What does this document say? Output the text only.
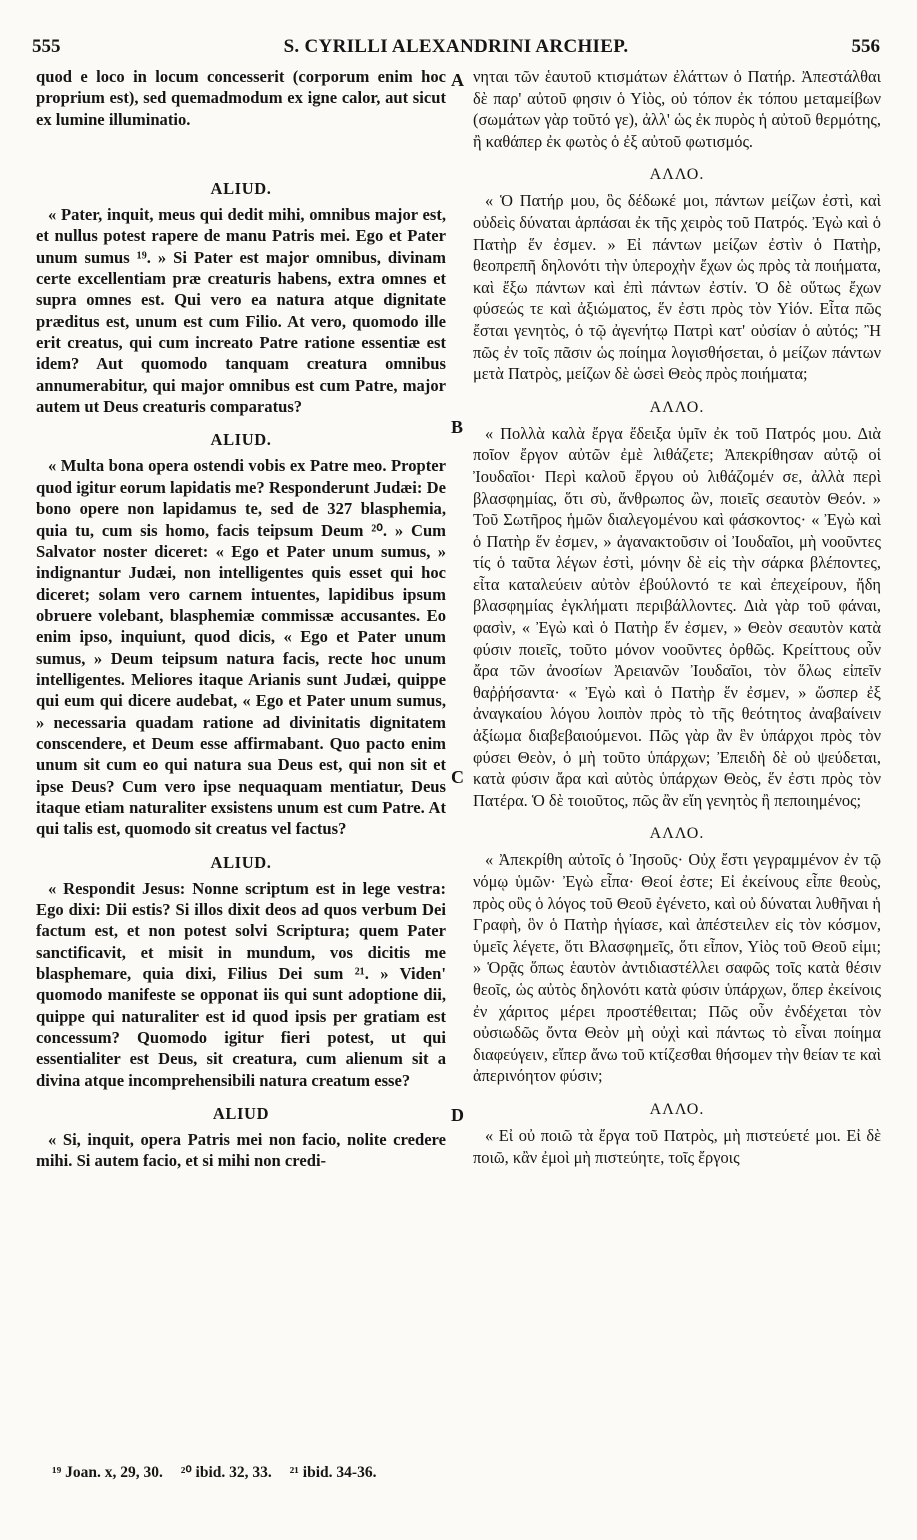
555	S. CYRILLI ALEXANDRINI ARCHIEP.	556
A
B
C
D

quod e loco in locum concesserit (corporum enim hoc proprium est), sed quemadmodum ex igne calor, aut sicut ex lumine illuminatio.

ALIUD.

« Pater, inquit, meus qui dedit mihi, omnibus major est, et nullus potest rapere de manu Patris mei. Ego et Pater unum sumus ¹⁹. » Si Pater est major omnibus, divinam certe excellentiam præ creaturis habens, extra omnes et supra omnes est. Qui vero ea natura atque dignitate præditus est, unum est cum Filio. At vero, quomodo ille erit creatus, qui cum increato Patre ratione essentiæ est idem? Aut quomodo tanquam creatura omnibus annumerabitur, qui major omnibus est cum Patre, major autem ut Deus creaturis comparatus?

ALIUD.

« Multa bona opera ostendi vobis ex Patre meo. Propter quod igitur eorum lapidatis me? Responderunt Judæi: De bono opere non lapidamus te, sed de 327 blasphemia, quia tu, cum sis homo, facis teipsum Deum ²⁰. » Cum Salvator noster diceret: « Ego et Pater unum sumus, » indignantur Judæi, non intelligentes quis esset qui hoc diceret; solam vero carnem intuentes, lapidibus ipsum obruere volebant, blasphemiæ commissæ accusantes. Eo enim ipso, inquiunt, quod dicis, « Ego et Pater unum sumus, » Deum teipsum natura facis, recte hoc unum intelligentes. Meliores itaque Arianis sunt Judæi, quippe qui eum qui dicere audebat, « Ego et Pater unum sumus, » necessaria quadam ratione ad divinitatis dignitatem conscendere, et Deum esse affirmabant. Quo pacto enim unum sit cum eo qui natura sua Deus est, qui non sit et ipse Deus? Cum vero ipse nequaquam mentiatur, Deus itaque etiam naturaliter exsistens unum est cum Patre. At qui talis est, quomodo sit creatus vel factus?

ALIUD.

« Respondit Jesus: Nonne scriptum est in lege vestra: Ego dixi: Dii estis? Si illos dixit deos ad quos verbum Dei factum est, et non potest solvi Scriptura; quem Pater sanctificavit, et misit in mundum, vos dicitis me blasphemare, quia dixi, Filius Dei sum ²¹. » Viden' quomodo manifeste se opponat iis qui sunt adoptione dii, quippe qui naturaliter est id quod ipsis per gratiam est concessum? Quomodo igitur fieri potest, ut qui essentialiter est Deus, sit creatura, cum alienum sit a divina atque incomprehensibili natura creatum esse?

ALIUD

« Si, inquit, opera Patris mei non facio, nolite credere mihi. Si autem facio, et si mihi non credi-

νηται τῶν ἑαυτοῦ κτισμάτων ἐλάττων ὁ Πατήρ. Ἀπεστάλθαι δὲ παρ' αὐτοῦ φησιν ὁ Υἱὸς, οὐ τόπον ἐκ τόπου μεταμείβων (σωμάτων γὰρ τοῦτό γε), ἀλλ' ὡς ἐκ πυρὸς ἡ αὐτοῦ θερμότης, ἢ καθάπερ ἐκ φωτὸς ὁ ἐξ αὐτοῦ φωτισμός.

ΑΛΛΟ.

« Ὁ Πατήρ μου, ὃς δέδωκέ μοι, πάντων μείζων ἐστὶ, καὶ οὐδεὶς δύναται ἁρπάσαι ἐκ τῆς χειρὸς τοῦ Πατρός. Ἐγὼ καὶ ὁ Πατὴρ ἕν ἐσμεν. » Εἰ πάντων μείζων ἐστὶν ὁ Πατὴρ, θεοπρεπῆ δηλονότι τὴν ὑπεροχὴν ἔχων ὡς πρὸς τὰ ποιήματα, καὶ ἔξω πάντων καὶ ἐπὶ πάντων ἐστίν. Ὁ δὲ οὕτως ἔχων φύσεώς τε καὶ ἀξιώματος, ἕν ἐστι πρὸς τὸν Υἱόν. Εἶτα πῶς ἔσται γενητὸς, ὁ τῷ ἀγενήτῳ Πατρὶ κατ' οὐσίαν ὁ αὐτός; Ἢ πῶς ἐν τοῖς πᾶσιν ὡς ποίημα λογισθήσεται, ὁ μείζων πάντων μετὰ Πατρὸς, μείζων δὲ ὡσεὶ Θεὸς πρὸς ποιήματα;

ΑΛΛΟ.

« Πολλὰ καλὰ ἔργα ἔδειξα ὑμῖν ἐκ τοῦ Πατρός μου. Διὰ ποῖον ἔργον αὐτῶν ἐμὲ λιθάζετε; Ἀπεκρίθησαν αὐτῷ οἱ Ἰουδαῖοι· Περὶ καλοῦ ἔργου οὐ λιθάζομέν σε, ἀλλὰ περὶ βλασφημίας, ὅτι σὺ, ἄνθρωπος ὢν, ποιεῖς σεαυτὸν Θεόν. » Τοῦ Σωτῆρος ἡμῶν διαλεγομένου καὶ φάσκοντος· « Ἐγὼ καὶ ὁ Πατὴρ ἕν ἐσμεν, » ἀγανακτοῦσιν οἱ Ἰουδαῖοι, μὴ νοοῦντες τίς ὁ ταῦτα λέγων ἐστὶ, μόνην δὲ εἰς τὴν σάρκα βλέποντες, εἶτα καταλεύειν αὐτὸν ἐβούλοντό τε καὶ ἐπεχείρουν, ἤδη βλασφημίας ἐγκλήματι περιβάλλοντες. Διὰ γὰρ τοῦ φάναι, φασὶν, « Ἐγὼ καὶ ὁ Πατὴρ ἕν ἐσμεν, » Θεὸν σεαυτὸν κατὰ φύσιν ποιεῖς, τοῦτο μόνον νοοῦντες ὀρθῶς. Κρείττους οὖν ἄρα τῶν ἀνοσίων Ἀρειανῶν Ἰουδαῖοι, τὸν ὅλως εἰπεῖν θαῤῥήσαντα· « Ἐγὼ καὶ ὁ Πατὴρ ἕν ἐσμεν, » ὥσπερ ἐξ ἀναγκαίου λόγου λοιπὸν πρὸς τὸ τῆς θεότητος ἀναβαίνειν ἀξίωμα διαβεβαιούμενοι. Πῶς γὰρ ἂν ἓν ὑπάρχοι πρὸς τὸν φύσει Θεὸν, ὁ μὴ τοῦτο ὑπάρχων; Ἐπειδὴ δὲ οὐ ψεύδεται, κατὰ φύσιν ἄρα καὶ αὐτὸς ὑπάρχων Θεὸς, ἕν ἐστι πρὸς τὸν Πατέρα. Ὁ δὲ τοιοῦτος, πῶς ἂν εἴη γενητὸς ἢ πεποιημένος;

ΑΛΛΟ.

« Ἀπεκρίθη αὐτοῖς ὁ Ἰησοῦς· Οὐχ ἔστι γεγραμμένον ἐν τῷ νόμῳ ὑμῶν· Ἐγὼ εἶπα· Θεοί ἐστε; Εἰ ἐκείνους εἶπε θεοὺς, πρὸς οὓς ὁ λόγος τοῦ Θεοῦ ἐγένετο, καὶ οὐ δύναται λυθῆναι ἡ Γραφὴ, ὃν ὁ Πατὴρ ἡγίασε, καὶ ἀπέστειλεν εἰς τὸν κόσμον, ὑμεῖς λέγετε, ὅτι Βλασφημεῖς, ὅτι εἶπον, Υἱὸς τοῦ Θεοῦ εἰμι; » Ὁρᾷς ὅπως ἑαυτὸν ἀντιδιαστέλλει σαφῶς τοῖς κατὰ θέσιν θεοῖς, ὡς αὐτὸς δηλονότι κατὰ φύσιν ὑπάρχων, ὅπερ ἐκείνοις ἐν χάριτος μέρει προστέθειται; Πῶς οὖν ἐνδέχεται τὸν οὐσιωδῶς ὄντα Θεὸν μὴ οὐχὶ καὶ πάντως τὸ εἶναι ποίημα διαφεύγειν, εἴπερ ἄνω τοῦ κτίζεσθαι θήσομεν τὴν θείαν τε καὶ ἀπερινόητον φύσιν;

ΑΛΛΟ.

« Εἰ οὐ ποιῶ τὰ ἔργα τοῦ Πατρὸς, μὴ πιστεύετέ μοι. Εἰ δὲ ποιῶ, κἂν ἐμοὶ μὴ πιστεύητε, τοῖς ἔργοις

¹⁹ Joan. x, 29, 30. ²⁰ ibid. 32, 33. ²¹ ibid. 34-36.
